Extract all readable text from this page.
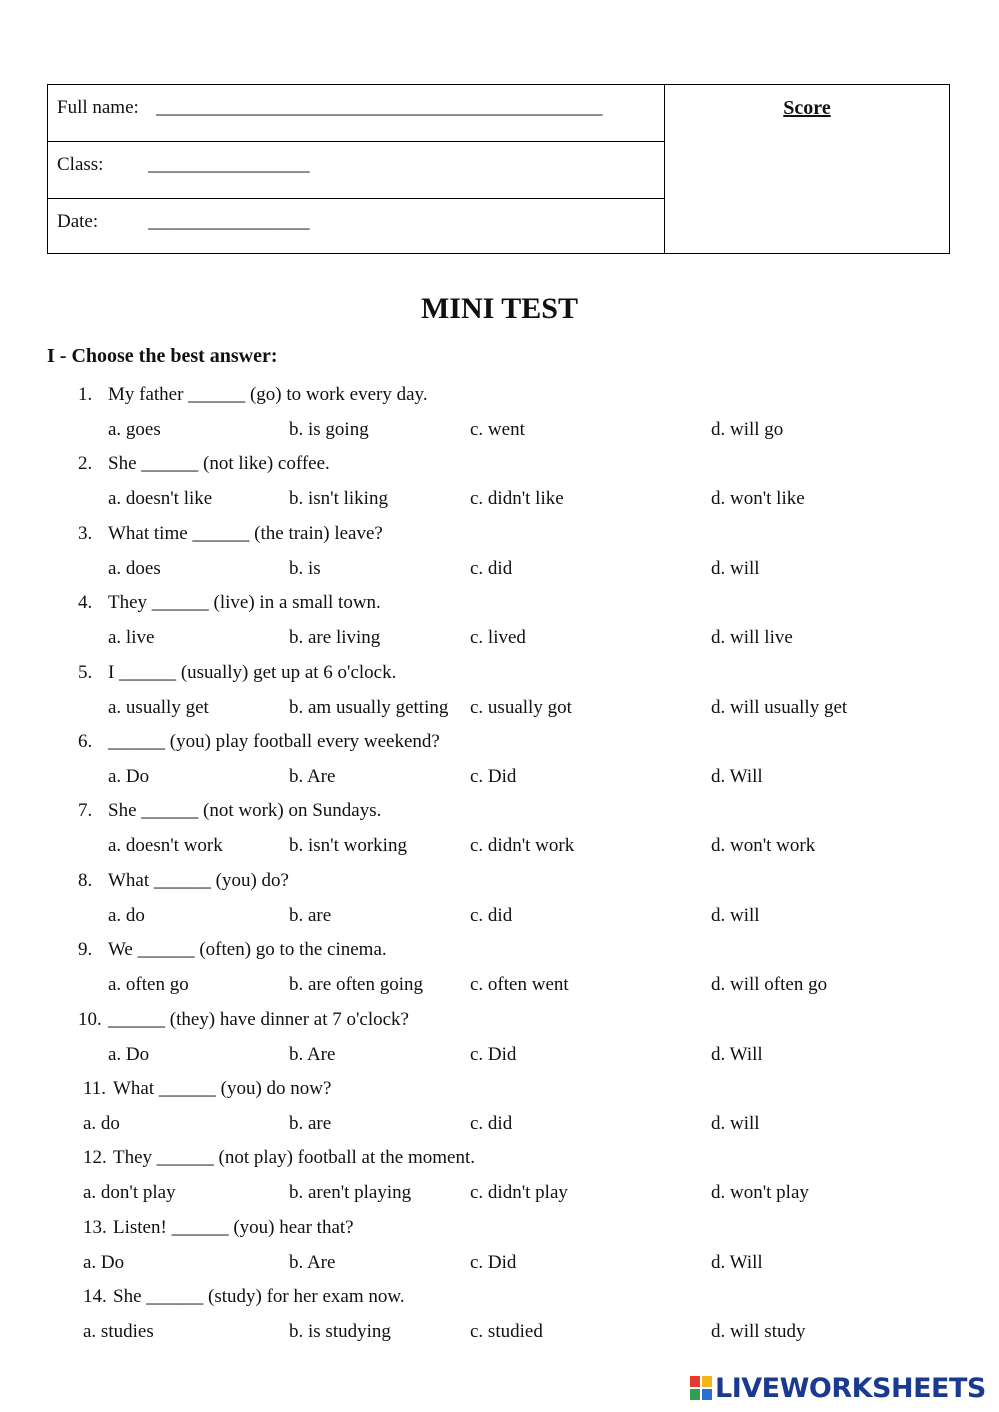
Full name: _______________________________________________
Class: _________________
Date:	_________________
Score
MINI TEST
I - Choose the best answer:
1. My father ______ (go) to work every day.
a. goes	b. is going	c. went	d. will go
2. She ______ (not like) coffee.
a. doesn't like	b. isn't liking	c. didn't like	d. won't like
3. What time ______ (the train) leave?
a. does	b. is	c. did	d. will
4. They ______ (live) in a small town.
a. live	b. are living	c. lived	d. will live
5. I ______ (usually) get up at 6 o'clock.
a. usually get	b. am usually getting c. usually got	d. will usually get
6. ______ (you) play football every weekend?
a. Do	b. Are	c. Did	d. Will
7. She ______ (not work) on Sundays.
a. doesn't work	b. isn't working	c. didn't work	d. won't work
8. What ______ (you) do?
a. do	b. are	c. did	d. will
9. We ______ (often) go to the cinema.
a. often go	b. are often going c. often went	d. will often go
10. ______ (they) have dinner at 7 o'clock?
a. Do	b. Are	c. Did	d. Will
11. What ______ (you) do now?
a. do	b. are	c. did	d. will
12. They ______ (not play) football at the moment.
a. don't play	b. aren't playing	c. didn't play	d. won't play
13. Listen! ______ (you) hear that?
a. Do	b. Are	c. Did	d. Will
14. She ______ (study) for her exam now.
a. studies	b. is studying	c. studied	d. will study
LIVEWORKSHEETS
